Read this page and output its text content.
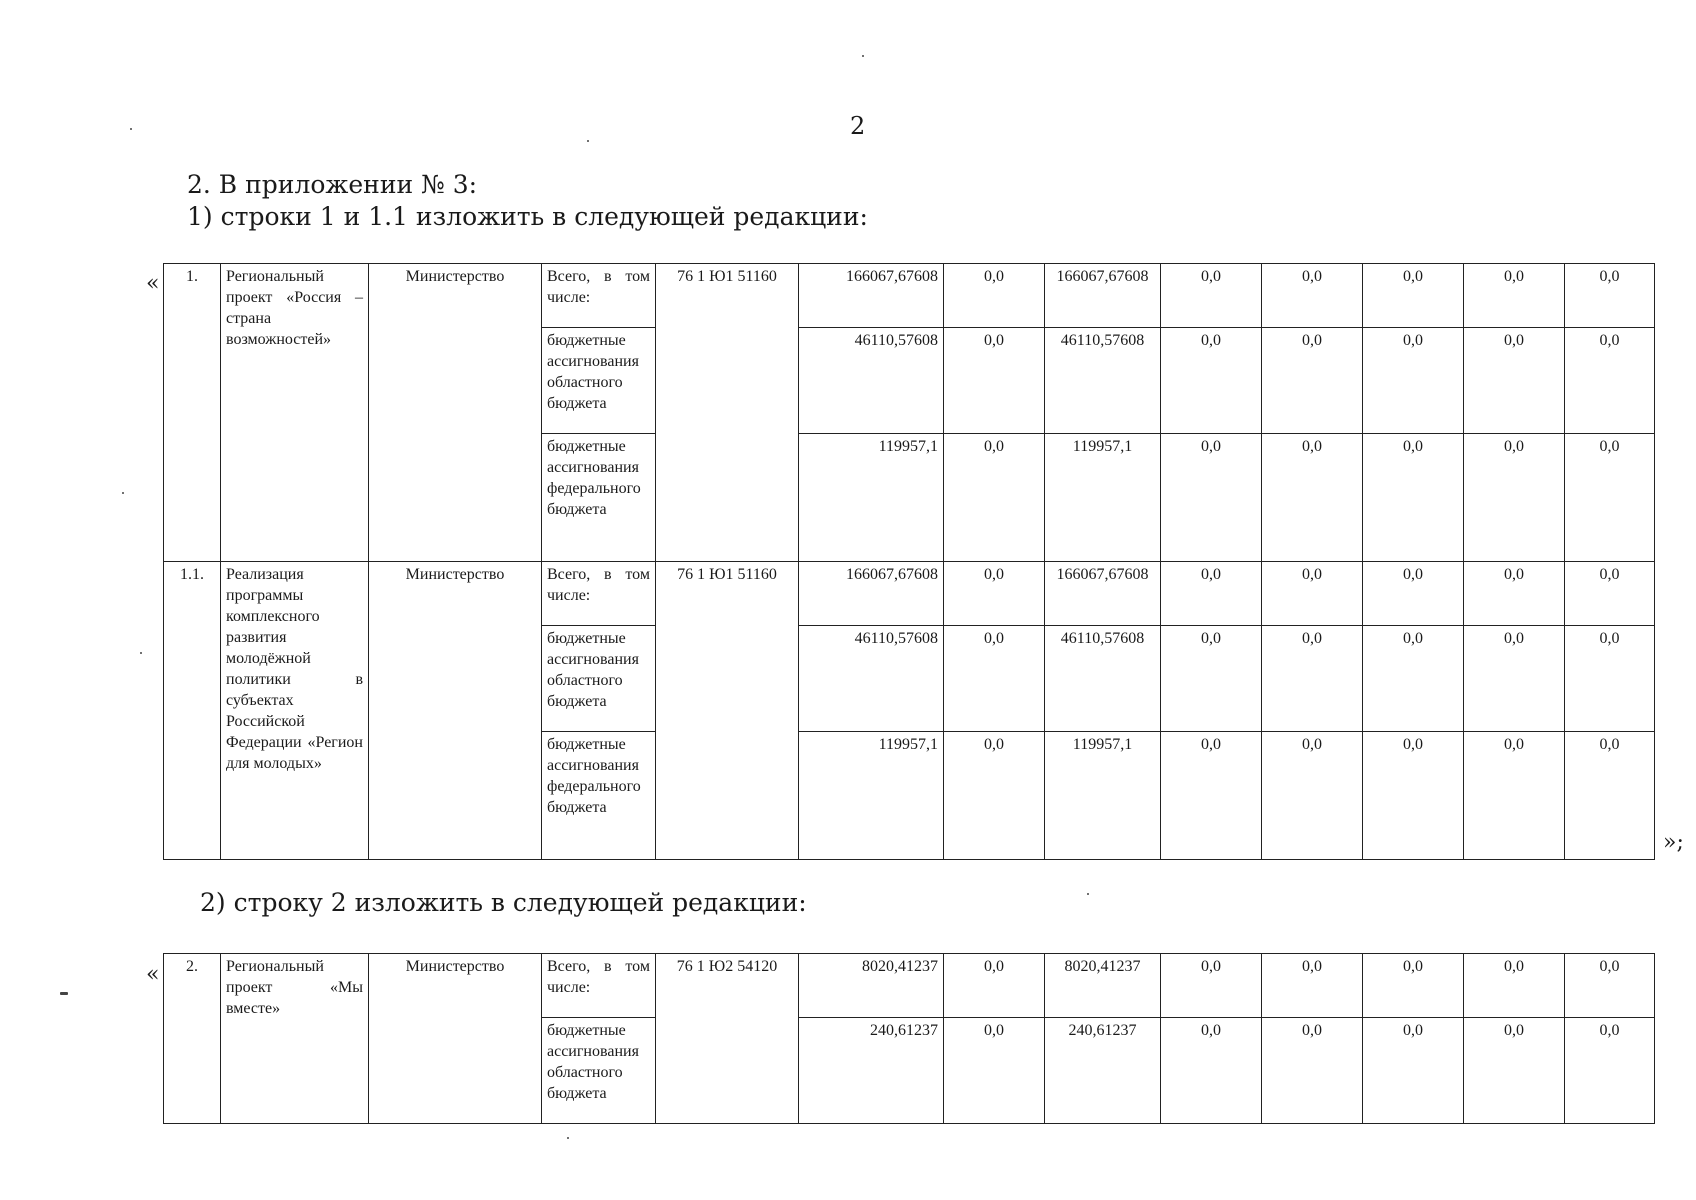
2
2. В приложении № 3:
1) строки 1 и 1.1 изложить в следующей редакции:
«
»;
1.	Региональный проект «Россия – страна возможностей»	Министерство	Всего, в том числе:	76 1 Ю1 51160	166067,67608	0,0	166067,67608	0,0	0,0	0,0	0,0	0,0
			бюджетные ассигнования областного бюджета		46110,57608	0,0	46110,57608	0,0	0,0	0,0	0,0	0,0
			бюджетные ассигнования федерального бюджета		119957,1	0,0	119957,1	0,0	0,0	0,0	0,0	0,0
1.1.	Реализация программы комплексного развития молодёжной политики в субъектах Российской Федерации «Регион для молодых»	Министерство	Всего, в том числе:	76 1 Ю1 51160	166067,67608	0,0	166067,67608	0,0	0,0	0,0	0,0	0,0
			бюджетные ассигнования областного бюджета		46110,57608	0,0	46110,57608	0,0	0,0	0,0	0,0	0,0
			бюджетные ассигнования федерального бюджета		119957,1	0,0	119957,1	0,0	0,0	0,0	0,0	0,0
2) строку 2 изложить в следующей редакции:
« 2.	Региональный проект «Мы вместе»	Министерство	Всего, в том числе:	76 1 Ю2 54120	8020,41237	0,0	8020,41237	0,0	0,0	0,0	0,0	0,0
			бюджетные ассигнования областного бюджета		240,61237	0,0	240,61237	0,0	0,0	0,0	0,0	0,0
